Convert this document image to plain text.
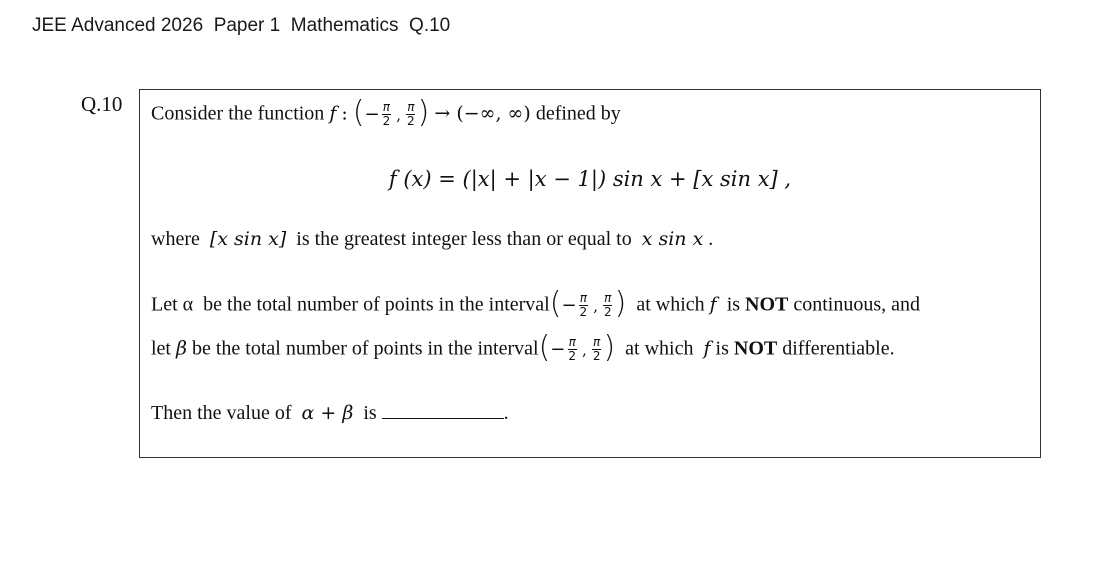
JEE Advanced 2026  Paper 1  Mathematics  Q.10
Q.10 Consider the function f : (− $\frac{\pi}{2}$ , $\frac{\pi}{2}$ ) → (−∞, ∞) defined by
f (x) = (|x| + |x − 1|) sin x + [x sin x] ,
where [x sin x] is the greatest integer less than or equal to x sin x .
Let α be the total number of points in the interval(− $\frac{\pi}{2}$ , $\frac{\pi}{2}$ ) at which f is NOT continuous, and
let β be the total number of points in the interval(− $\frac{\pi}{2}$ , $\frac{\pi}{2}$ ) at which f is NOT differentiable.
Then the value of α + β is	.
